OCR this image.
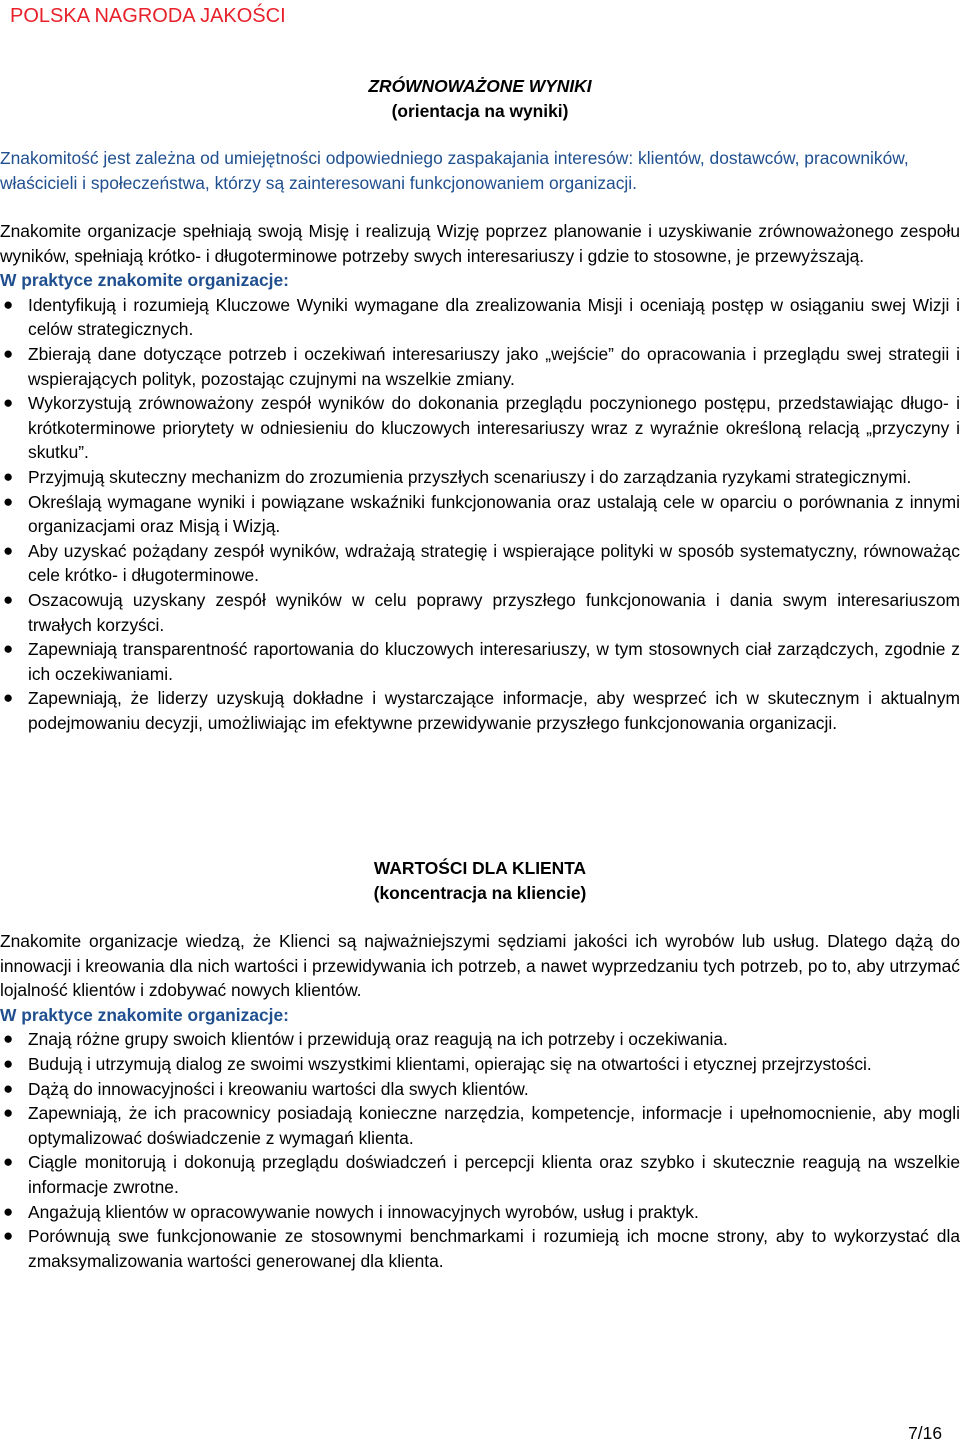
POLSKA NAGRODA JAKOŚCI
ZRÓWNOWAŻONE WYNIKI
(orientacja na wyniki)

Znakomitość jest zależna od umiejętności odpowiedniego zaspakajania interesów: klientów, dostawców, pracowników, właścicieli i społeczeństwa, którzy są zainteresowani funkcjonowaniem organizacji.

Znakomite organizacje spełniają swoją Misję i realizują Wizję poprzez planowanie i uzyskiwanie zrównoważonego zespołu wyników, spełniają krótko- i długoterminowe potrzeby swych interesariuszy i gdzie to stosowne, je przewyższają.

W praktyce znakomite organizacje:

● Identyfikują i rozumieją Kluczowe Wyniki wymagane dla zrealizowania Misji i oceniają postęp w osiąganiu swej Wizji i celów strategicznych.
● Zbierają dane dotyczące potrzeb i oczekiwań interesariuszy jako „wejście” do opracowania i przeglądu swej strategii i wspierających polityk, pozostając czujnymi na wszelkie zmiany.
● Wykorzystują zrównoważony zespół wyników do dokonania przeglądu poczynionego postępu, przedstawiając długo- i krótkoterminowe priorytety w odniesieniu do kluczowych interesariuszy wraz z wyraźnie określoną relacją „przyczyny i skutku”.
● Przyjmują skuteczny mechanizm do zrozumienia przyszłych scenariuszy i do zarządzania ryzykami strategicznymi.
● Określają wymagane wyniki i powiązane wskaźniki funkcjonowania oraz ustalają cele w oparciu o porównania z innymi organizacjami oraz Misją i Wizją.
● Aby uzyskać pożądany zespół wyników, wdrażają strategię i wspierające polityki w sposób systematyczny, równoważąc cele krótko- i długoterminowe.
● Oszacowują uzyskany zespół wyników w celu poprawy przyszłego funkcjonowania i dania swym interesariuszom trwałych korzyści.
● Zapewniają transparentność raportowania do kluczowych interesariuszy, w tym stosownych ciał zarządczych, zgodnie z ich oczekiwaniami.
● Zapewniają, że liderzy uzyskują dokładne i wystarczające informacje, aby wesprzeć ich w skutecznym i aktualnym podejmowaniu decyzji, umożliwiając im efektywne przewidywanie przyszłego funkcjonowania organizacji.
WARTOŚCI DLA KLIENTA
(koncentracja na kliencie)

Znakomite organizacje wiedzą, że Klienci są najważniejszymi sędziami jakości ich wyrobów lub usług. Dlatego dążą do innowacji i kreowania dla nich wartości i przewidywania ich potrzeb, a nawet wyprzedzaniu tych potrzeb, po to, aby utrzymać lojalność klientów i zdobywać nowych klientów.

W praktyce znakomite organizacje:

● Znają różne grupy swoich klientów i przewidują oraz reagują na ich potrzeby i oczekiwania.
● Budują i utrzymują dialog ze swoimi wszystkimi klientami, opierając się na otwartości i etycznej przejrzystości.
● Dążą do innowacyjności i kreowaniu wartości dla swych klientów.
● Zapewniają, że ich pracownicy posiadają konieczne narzędzia, kompetencje, informacje i upełnomocnienie, aby mogli optymalizować doświadczenie z wymagań klienta.
● Ciągle monitorują i dokonują przeglądu doświadczeń i percepcji klienta oraz szybko i skutecznie reagują na wszelkie informacje zwrotne.
● Angażują klientów w opracowywanie nowych i innowacyjnych wyrobów, usług i praktyk.
● Porównują swe funkcjonowanie ze stosownymi benchmarkami i rozumieją ich mocne strony, aby to wykorzystać dla zmaksymalizowania wartości generowanej dla klienta.
7/16
